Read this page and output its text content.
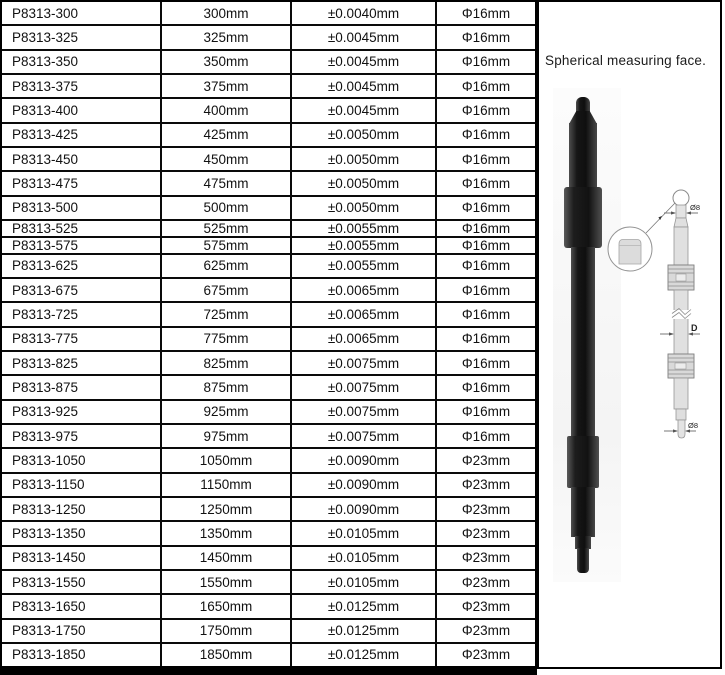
P8313-300	300mm	±0.0040mm	Φ16mm
P8313-325	325mm	±0.0045mm	Φ16mm
P8313-350	350mm	±0.0045mm	Φ16mm
P8313-375	375mm	±0.0045mm	Φ16mm
P8313-400	400mm	±0.0045mm	Φ16mm
P8313-425	425mm	±0.0050mm	Φ16mm
P8313-450	450mm	±0.0050mm	Φ16mm
P8313-475	475mm	±0.0050mm	Φ16mm
P8313-500	500mm	±0.0050mm	Φ16mm
P8313-525	525mm	±0.0055mm	Φ16mm
P8313-575	575mm	±0.0055mm	Φ16mm
P8313-625	625mm	±0.0055mm	Φ16mm
P8313-675	675mm	±0.0065mm	Φ16mm
P8313-725	725mm	±0.0065mm	Φ16mm
P8313-775	775mm	±0.0065mm	Φ16mm
P8313-825	825mm	±0.0075mm	Φ16mm
P8313-875	875mm	±0.0075mm	Φ16mm
P8313-925	925mm	±0.0075mm	Φ16mm
P8313-975	975mm	±0.0075mm	Φ16mm
P8313-1050	1050mm	±0.0090mm	Φ23mm
P8313-1150	1150mm	±0.0090mm	Φ23mm
P8313-1250	1250mm	±0.0090mm	Φ23mm
P8313-1350	1350mm	±0.0105mm	Φ23mm
P8313-1450	1450mm	±0.0105mm	Φ23mm
P8313-1550	1550mm	±0.0105mm	Φ23mm
P8313-1650	1650mm	±0.0125mm	Φ23mm
P8313-1750	1750mm	±0.0125mm	Φ23mm
P8313-1850	1850mm	±0.0125mm	Φ23mm
Spherical measuring face.
Ø8
D
Ø8
